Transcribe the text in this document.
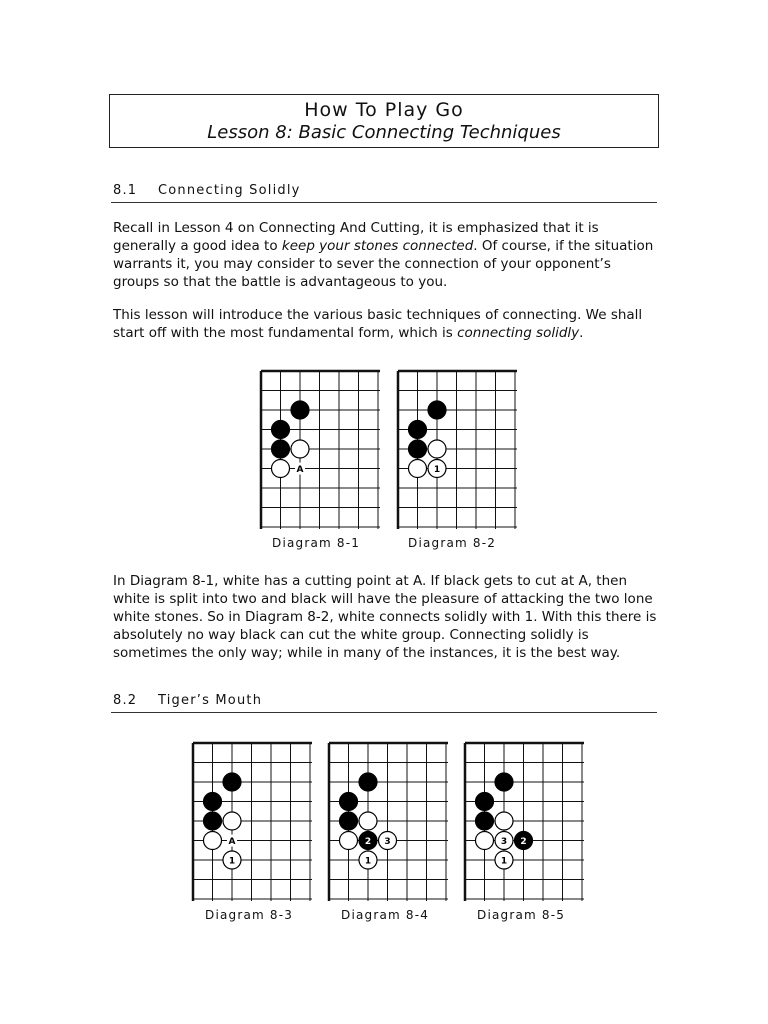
How To Play Go
Lesson 8: Basic Connecting Techniques
8.1 Connecting Solidly

Recall in Lesson 4 on Connecting And Cutting, it is emphasized that it is generally a good idea to keep your stones connected. Of course, if the situation warrants it, you may consider to sever the connection of your opponent’s groups so that the battle is advantageous to you.

This lesson will introduce the various basic techniques of connecting. We shall start off with the most fundamental form, which is connecting solidly.

A	1
Diagram 8-1	Diagram 8-2

In Diagram 8-1, white has a cutting point at A. If black gets to cut at A, then white is split into two and black will have the pleasure of attacking the two lone white stones. So in Diagram 8-2, white connects solidly with 1. With this there is absolutely no way black can cut the white group. Connecting solidly is sometimes the only way; while in many of the instances, it is the best way.

8.2 Tiger’s Mouth
A
1
2 3
1
3 2
1
Diagram 8-3	Diagram 8-4	Diagram 8-5
